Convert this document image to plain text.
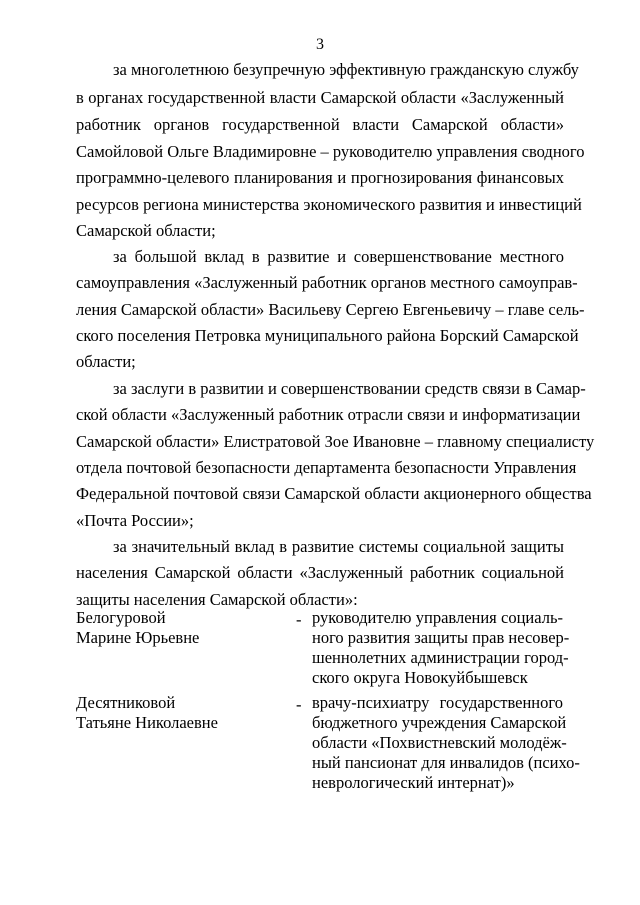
3
за многолетнюю безупречную эффективную гражданскую службу
в органах государственной власти Самарской области «Заслуженный
работник органов государственной власти Самарской области»
Самойловой Ольге Владимировне – руководителю управления сводного
программно-целевого планирования и прогнозирования финансовых
ресурсов региона министерства экономического развития и инвестиций
Самарской области;
за большой вклад в развитие и совершенствование местного
самоуправления «Заслуженный работник органов местного самоуправ-
ления Самарской области» Васильеву Сергею Евгеньевичу – главе сель-
ского поселения Петровка муниципального района Борский Самарской
области;
за заслуги в развитии и совершенствовании средств связи в Самар-
ской области «Заслуженный работник отрасли связи и информатизации
Самарской области» Елистратовой Зое Ивановне – главному специалисту
отдела почтовой безопасности департамента безопасности Управления
Федеральной почтовой связи Самарской области акционерного общества
«Почта России»;
за значительный вклад в развитие системы социальной защиты
населения Самарской области «Заслуженный работник социальной
защиты населения Самарской области»:
Белогуровой
Марине Юрьевне
- руководителю управления социаль-
ного развития защиты прав несовер-
шеннолетних администрации город-
ского округа Новокуйбышевск
Десятниковой
Татьяне Николаевне
- врачу-психиатру государственного
бюджетного учреждения Самарской
области «Похвистневский молодёж-
ный пансионат для инвалидов (психо-
неврологический интернат)»
